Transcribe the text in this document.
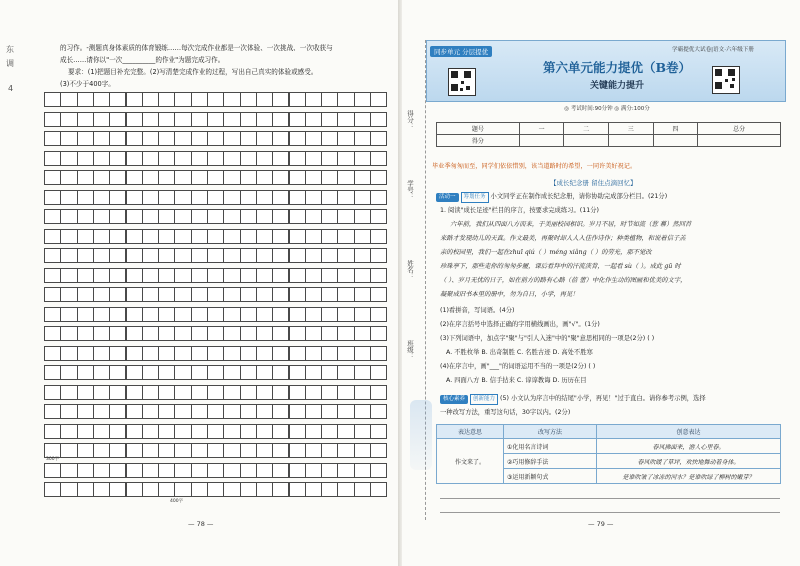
东
调
4
的习作。-测题真身体素质的体育锻练……每次完成作业都是一次体验、一次挑战、一次收获与
成长……请你以"一次__________的作业"为题完成习作。
要求：(1)把题目补充完整。(2)写清楚完成作业的过程，写出自己真实的体验或感受。
(3)不少于400字。
300字
400字
— 78 —
同步单元 分层提优	学霸提优大试卷|语文·六年级下册
第六单元能力提优（B卷）
关键能力提升
◎ 考试时间:90分钟 ◎ 满分:100分
题号	一	二	三	四	总分
得分					
得分：
学号：
姓名：
班级：
毕业季匆匆而至，同学们依依惜别，该当道路时的希望，一同许美好祝记。
【成长纪念册 留住点滴回忆】
活动一 筹划任务 小文同学正在制作成长纪念册，请你协助完成部分栏目。(21分)
1. 阅读"成长足迹"栏目的序言，按要求完成练习。(11分)
六年前，我们从四面八方而来，于美丽校园相识。岁月不居，时节如流（惹 幕）然回首
来路才发现幼儿的天真。作文最美，再聚时却人人入佳作诗作；种类植物，和说着信子羔
亲的校园里，我们一起在zhuī qiú（ ）méng xiǎng（ ）的劳光，那不觉改
珍珠亭下，那些走你的匆匆步履，课后看拜中的汗流浃背，一起看 sù（ ）。成此 gū 时
（ ）、岁月无忧的日子，如在前方的路有心路（蓓 蕾）中化作生动的图画和优美的文字，
凝聚成旧书本里的册中，勿为自日，小学，再见！
(1)看拼音，写词语。(4分)
(2)在序言括号中选择正确的字用横线画出，画"√"。(1分)
(3)下列词语中，加点字"聚"与"引人入迷"中的"聚"意思相同的一项是(2分) ( )
A. 不胜枚举 B. 出奇制胜 C. 名胜古迹 D. 高处不胜寒
(4)在序言中，画"___"的词语运用不当的一项是(2分) ( )
A. 四面八方 B. 信手拈来 C. 谆谆教诲 D. 历历在目
核心素养 创新能力 (5) 小文认为序言中的结尾"小学，再见！"过于直白。请你参考示例，选择
一种改写方法，重写这句话，30字以内。(2分)
表达意思	改写方法	创意表达
作文来了。	①化用名言诗词	春风拂面来，游人心里春。
	②巧用修辞手法	春风吹暖了草坪，欢快地舞动着身体。
	③运用新颖句式	是谁吹皱了冰冻的河水？是谁吹绿了柳树的嫩芽？
— 79 —
